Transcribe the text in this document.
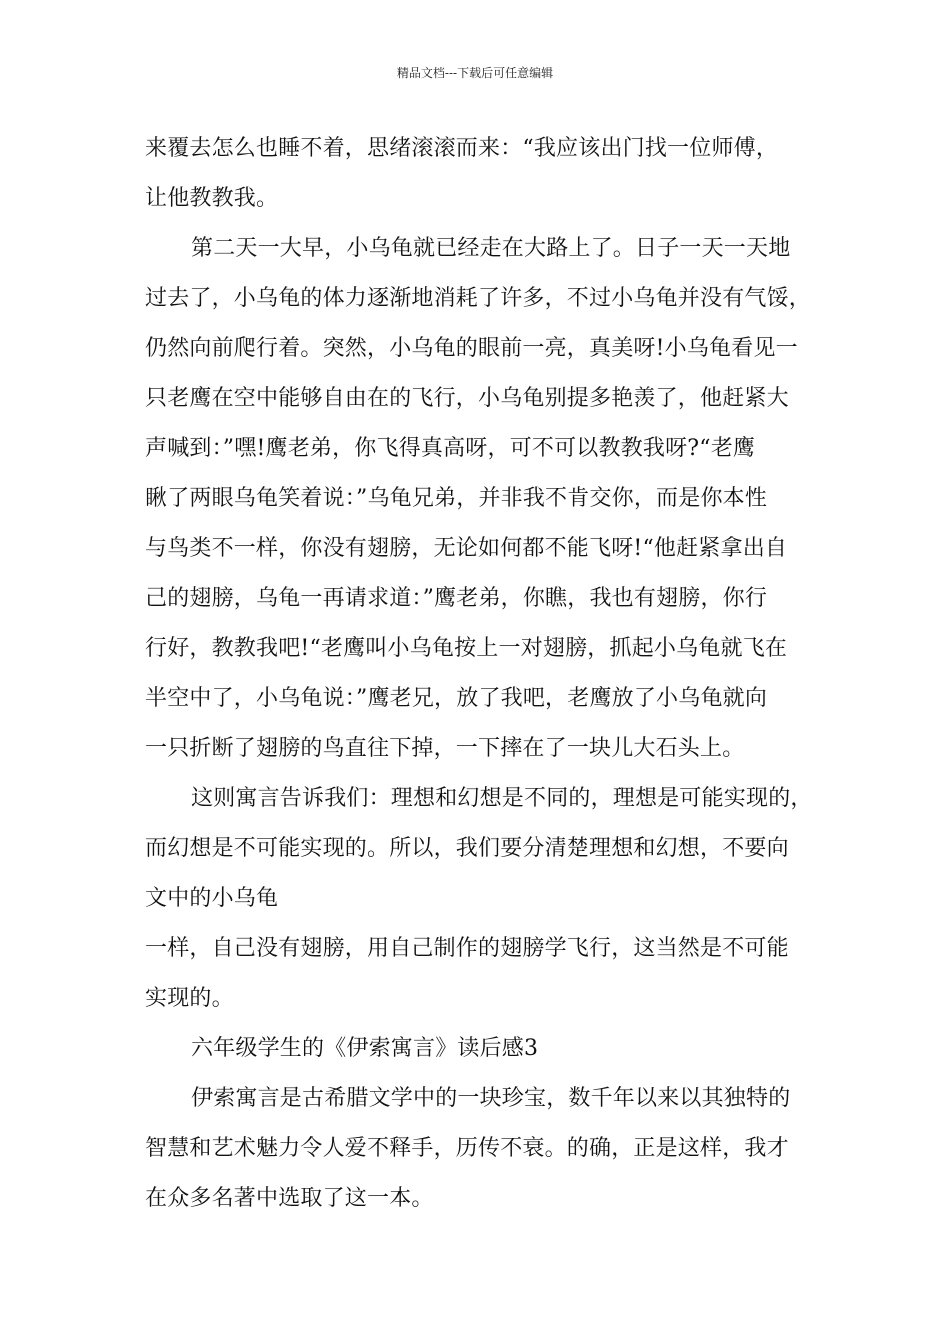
精品文档---下载后可任意编辑
来覆去怎么也睡不着，思绪滚滚而来：“我应该出门找一位师傅，
让他教教我。
第二天一大早，小乌龟就已经走在大路上了。日子一天一天地
过去了，小乌龟的体力逐渐地消耗了许多，不过小乌龟并没有气馁，
仍然向前爬行着。突然，小乌龟的眼前一亮，真美呀!小乌龟看见一
只老鹰在空中能够自由在的飞行，小乌龟别提多艳羡了，他赶紧大
声喊到：”嘿!鹰老弟，你飞得真高呀，可不可以教教我呀?“老鹰
瞅了两眼乌龟笑着说：”乌龟兄弟，并非我不肯交你，而是你本性
与鸟类不一样，你没有翅膀，无论如何都不能飞呀!“他赶紧拿出自
己的翅膀，乌龟一再请求道：”鹰老弟，你瞧，我也有翅膀，你行
行好，教教我吧!“老鹰叫小乌龟按上一对翅膀，抓起小乌龟就飞在
半空中了，小乌龟说：”鹰老兄，放了我吧，老鹰放了小乌龟就向
一只折断了翅膀的鸟直往下掉，一下摔在了一块儿大石头上。
这则寓言告诉我们：理想和幻想是不同的，理想是可能实现的，
而幻想是不可能实现的。所以，我们要分清楚理想和幻想，不要向
文中的小乌龟
一样，自己没有翅膀，用自己制作的翅膀学飞行，这当然是不可能
实现的。
六年级学生的《伊索寓言》读后感3
伊索寓言是古希腊文学中的一块珍宝，数千年以来以其独特的
智慧和艺术魅力令人爱不释手，历传不衰。的确，正是这样，我才
在众多名著中选取了这一本。
